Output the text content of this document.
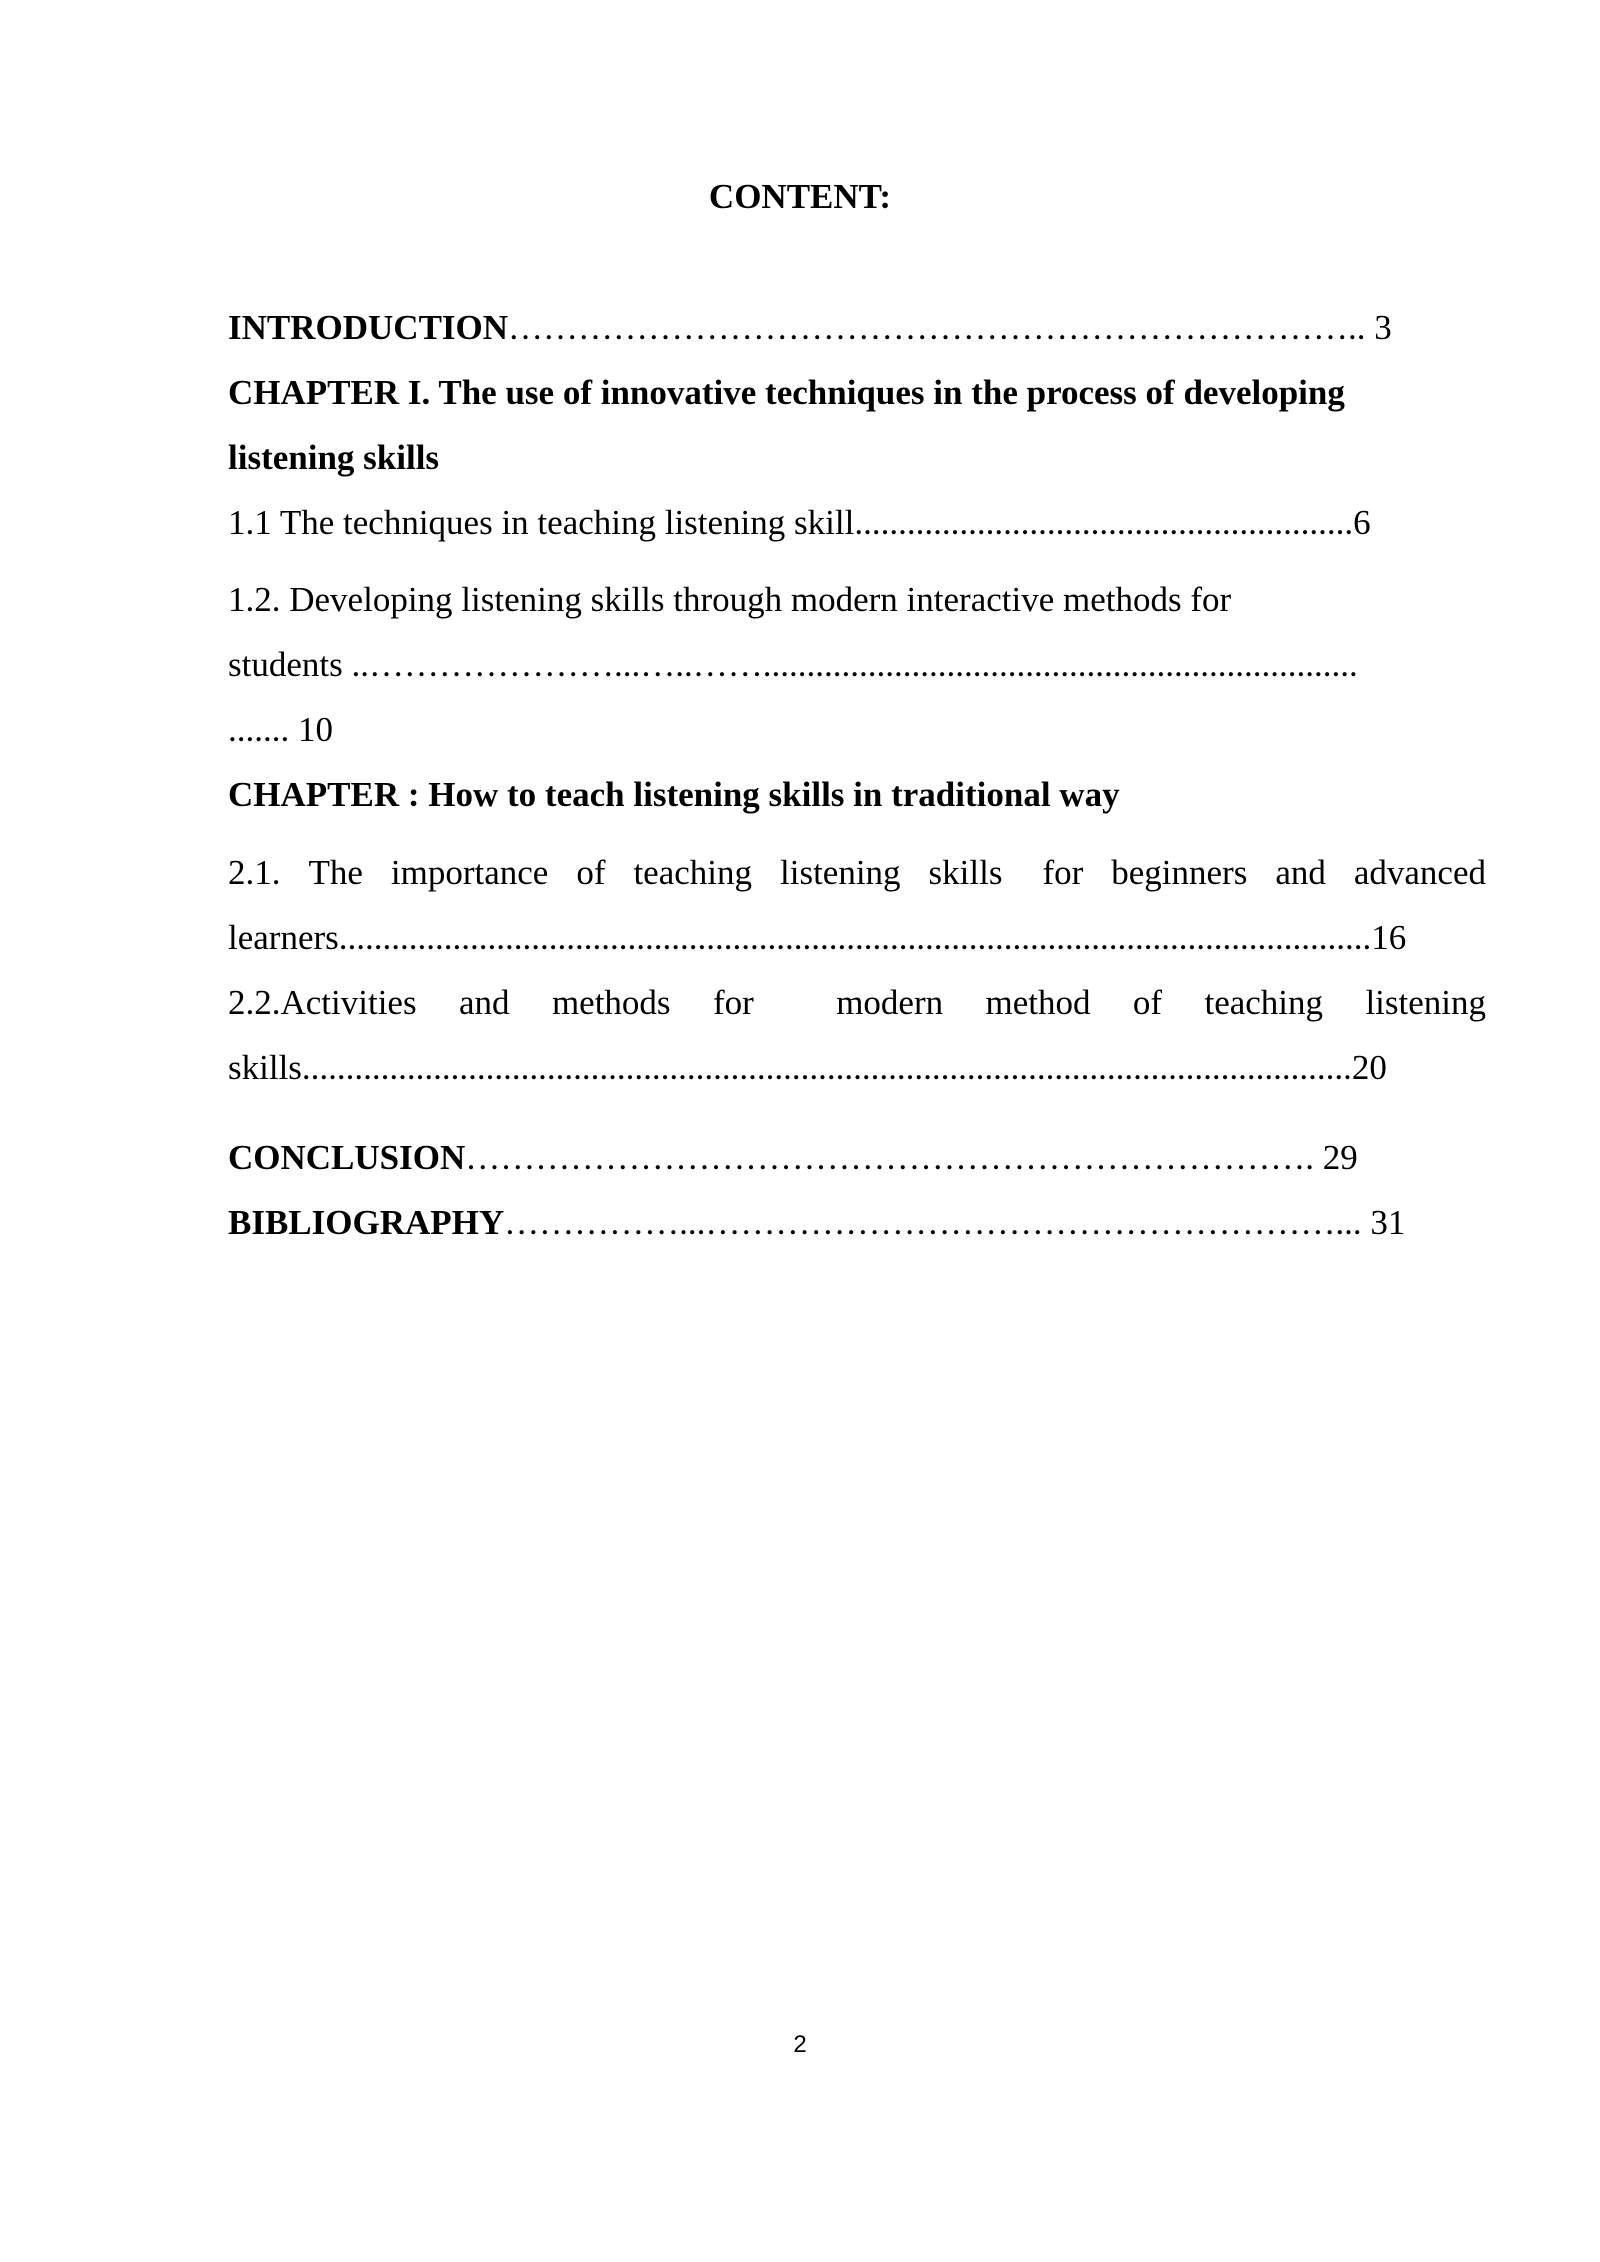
CONTENT:
INTRODUCTION……………………………………………………………….. 3
CHAPTER I. The use of innovative techniques in the process of developing
listening skills
1.1 The techniques in teaching listening skill.........................................................6
1.2. Developing listening skills through modern interactive methods for
students ..…………………...…..……....................................................................
....... 10
CHAPTER : How to teach listening skills in traditional way
2.1. The importance of teaching listening skills for beginners and advanced
learners......................................................................................................................16
2.2.Activities and methods for modern method of teaching listening
skills........................................................................................................................20
CONCLUSION………………………………………………………………. 29
BIBLIOGRAPHY……………...………………………………………………... 31
2
